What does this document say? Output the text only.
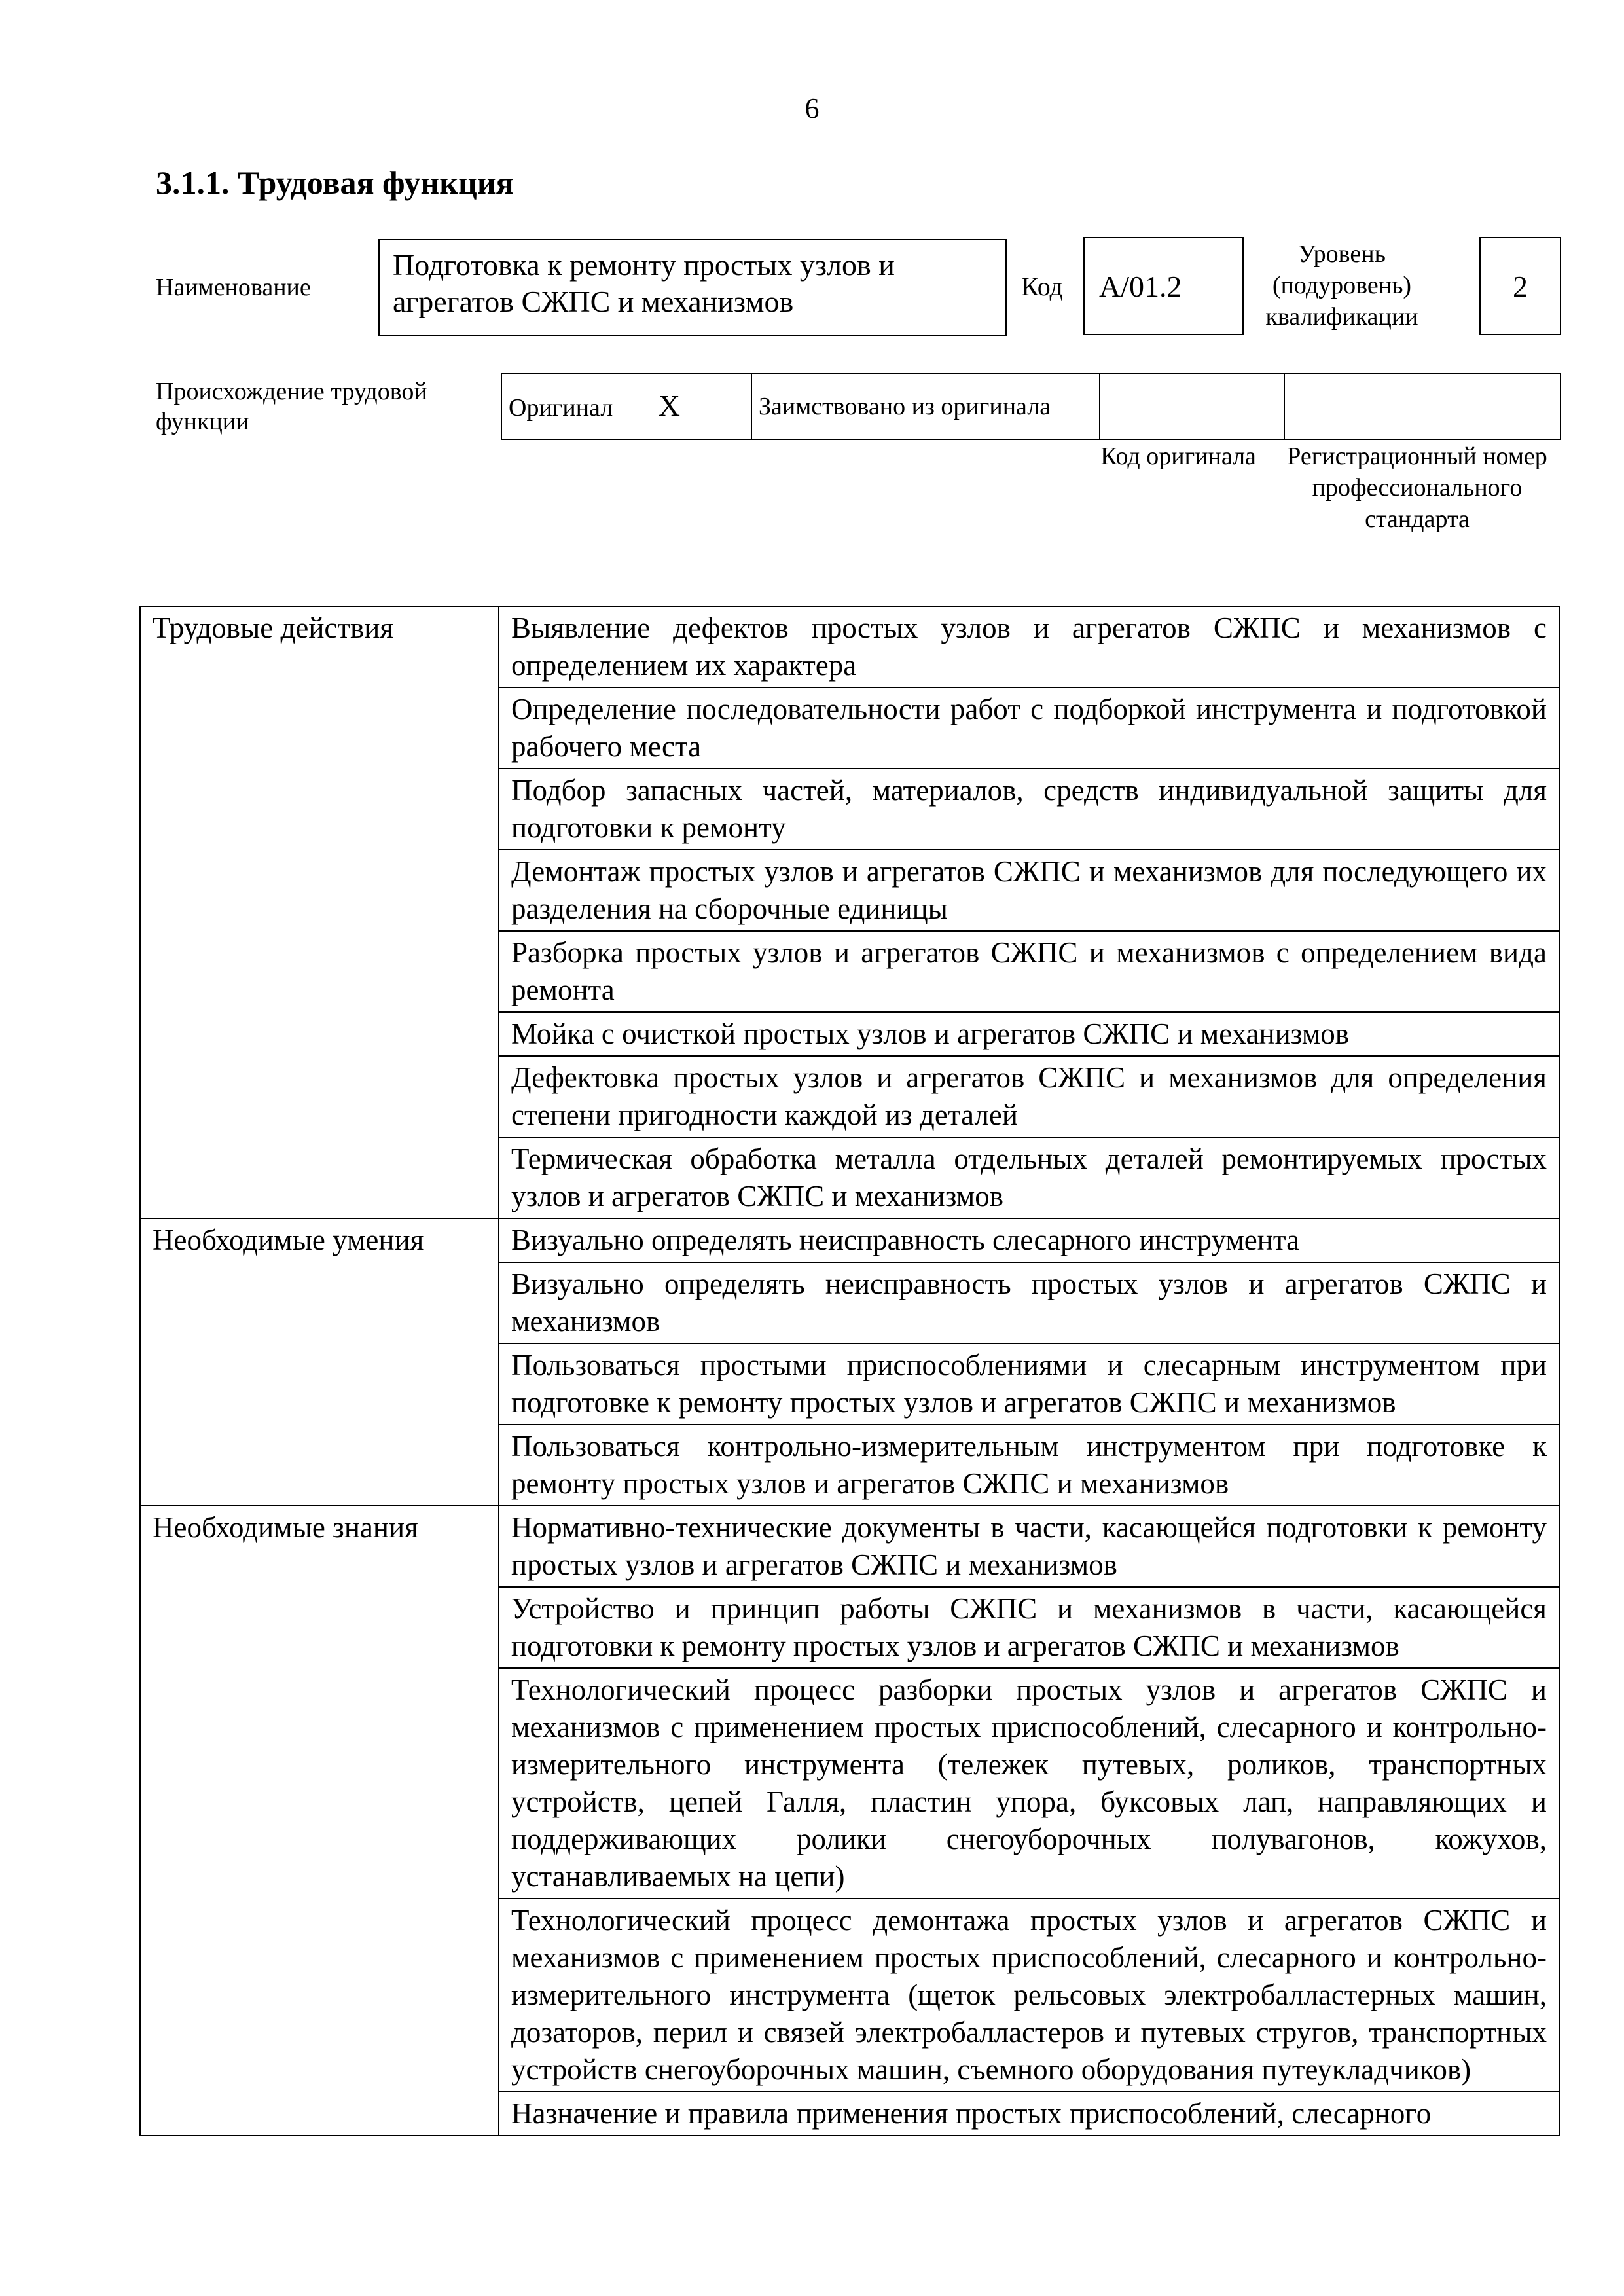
6
3.1.1. Трудовая функция
Наименование
Подготовка к ремонту простых узлов и агрегатов СЖПС и механизмов	Код	А/01.2
Уровень (подуровень) квалификации
2
Происхождение трудовой функции
Оригинал X	Заимствовано из оригинала		
Код оригинала	Регистрационный номер профессионального стандарта
Трудовые действия	Выявление дефектов простых узлов и агрегатов СЖПС и механизмов с определением их характера
	Определение последовательности работ с подборкой инструмента и подготовкой рабочего места
	Подбор запасных частей, материалов, средств индивидуальной защиты для подготовки к ремонту
	Демонтаж простых узлов и агрегатов СЖПС и механизмов для последующего их разделения на сборочные единицы
	Разборка простых узлов и агрегатов СЖПС и механизмов с определением вида ремонта
	Мойка с очисткой простых узлов и агрегатов СЖПС и механизмов
	Дефектовка простых узлов и агрегатов СЖПС и механизмов для определения степени пригодности каждой из деталей
	Термическая обработка металла отдельных деталей ремонтируемых простых узлов и агрегатов СЖПС и механизмов
Необходимые умения	Визуально определять неисправность слесарного инструмента
	Визуально определять неисправность простых узлов и агрегатов СЖПС и механизмов
	Пользоваться простыми приспособлениями и слесарным инструментом при подготовке к ремонту простых узлов и агрегатов СЖПС и механизмов
	Пользоваться контрольно-измерительным инструментом при подготовке к ремонту простых узлов и агрегатов СЖПС и механизмов
Необходимые знания	Нормативно-технические документы в части, касающейся подготовки к ремонту простых узлов и агрегатов СЖПС и механизмов
	Устройство и принцип работы СЖПС и механизмов в части, касающейся подготовки к ремонту простых узлов и агрегатов СЖПС и механизмов
	Технологический процесс разборки простых узлов и агрегатов СЖПС и механизмов с применением простых приспособлений, слесарного и контрольно-измерительного инструмента (тележек путевых, роликов, транспортных устройств, цепей Галля, пластин упора, буксовых лап, направляющих и поддерживающих ролики снегоуборочных полувагонов, кожухов, устанавливаемых на цепи)
	Технологический процесс демонтажа простых узлов и агрегатов СЖПС и механизмов с применением простых приспособлений, слесарного и контрольно-измерительного инструмента (щеток рельсовых электробалластерных машин, дозаторов, перил и связей электробалластеров и путевых стругов, транспортных устройств снегоуборочных машин, съемного оборудования путеукладчиков)
	Назначение и правила применения простых приспособлений, слесарного
